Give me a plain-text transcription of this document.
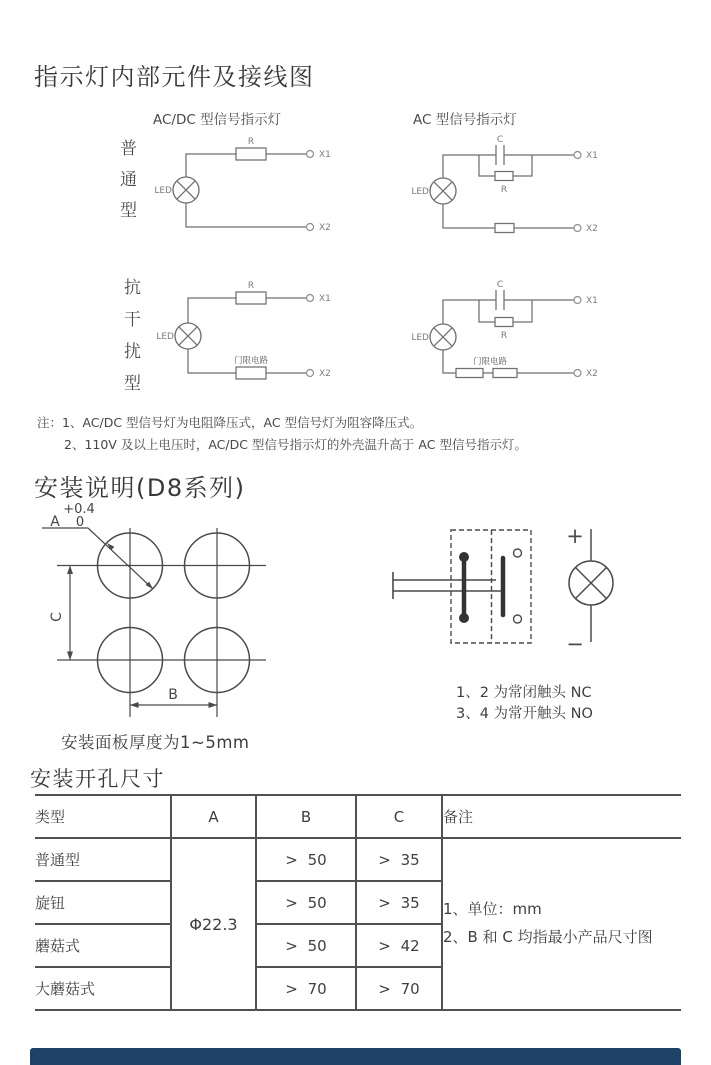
指示灯内部元件及接线图
AC/DC 型信号指示灯	AC 型信号指示灯
普
通
型
抗
干
扰
型
R
LED
X1
X2
C
R
LED
X1
X2
R
LED
门限电路
X1
X2
C
R
LED
门限电路
X1
X2
注：1、AC/DC 型信号灯为电阻降压式，AC 型信号灯为阻容降压式。
2、110V 及以上电压时，AC/DC 型信号指示灯的外壳温升高于 AC 型信号指示灯。
安装说明(D8系列)
+0.4
A 0
C
B
安装面板厚度为1~5mm
+
−
1、2 为常闭触头 NC
3、4 为常开触头 NO
安装开孔尺寸
类型	A	B	C	备注
普通型	Φ22.3	> 50	> 35	1、单位：mm
2、B 和 C 均指最小产品尺寸图

旋钮		> 50	> 35	
蘑菇式		> 50	> 42	
大蘑菇式		> 70	> 70	
